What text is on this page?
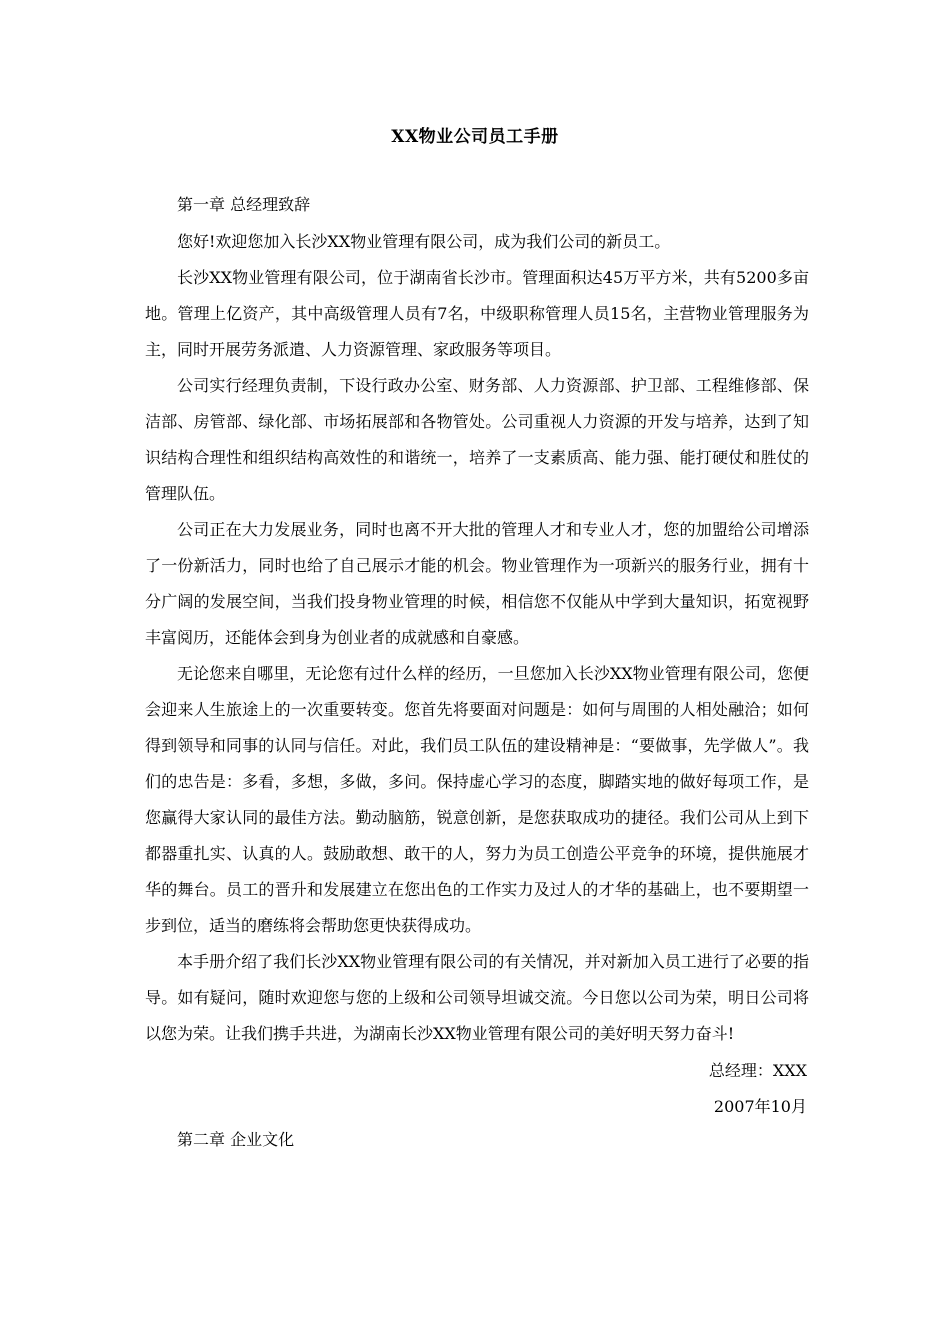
XX物业公司员工手册
第一章 总经理致辞

您好!欢迎您加入长沙XX物业管理有限公司，成为我们公司的新员工。

长沙XX物业管理有限公司，位于湖南省长沙市。管理面积达45万平方米，共有5200多亩地。管理上亿资产，其中高级管理人员有7名，中级职称管理人员15名，主营物业管理服务为主，同时开展劳务派遣、人力资源管理、家政服务等项目。

公司实行经理负责制，下设行政办公室、财务部、人力资源部、护卫部、工程维修部、保洁部、房管部、绿化部、市场拓展部和各物管处。公司重视人力资源的开发与培养，达到了知识结构合理性和组织结构高效性的和谐统一，培养了一支素质高、能力强、能打硬仗和胜仗的管理队伍。

公司正在大力发展业务，同时也离不开大批的管理人才和专业人才，您的加盟给公司增添了一份新活力，同时也给了自己展示才能的机会。物业管理作为一项新兴的服务行业，拥有十分广阔的发展空间，当我们投身物业管理的时候，相信您不仅能从中学到大量知识，拓宽视野丰富阅历，还能体会到身为创业者的成就感和自豪感。

无论您来自哪里，无论您有过什么样的经历，一旦您加入长沙XX物业管理有限公司，您便会迎来人生旅途上的一次重要转变。您首先将要面对问题是：如何与周围的人相处融洽；如何得到领导和同事的认同与信任。对此，我们员工队伍的建设精神是：“要做事，先学做人”。我们的忠告是：多看，多想，多做，多问。保持虚心学习的态度，脚踏实地的做好每项工作，是您赢得大家认同的最佳方法。勤动脑筋，锐意创新，是您获取成功的捷径。我们公司从上到下都器重扎实、认真的人。鼓励敢想、敢干的人，努力为员工创造公平竞争的环境，提供施展才华的舞台。员工的晋升和发展建立在您出色的工作实力及过人的才华的基础上，也不要期望一步到位，适当的磨练将会帮助您更快获得成功。

本手册介绍了我们长沙XX物业管理有限公司的有关情况，并对新加入员工进行了必要的指导。如有疑问，随时欢迎您与您的上级和公司领导坦诚交流。今日您以公司为荣，明日公司将以您为荣。让我们携手共进，为湖南长沙XX物业管理有限公司的美好明天努力奋斗!

总经理：XXX
2007年10月
第二章 企业文化
